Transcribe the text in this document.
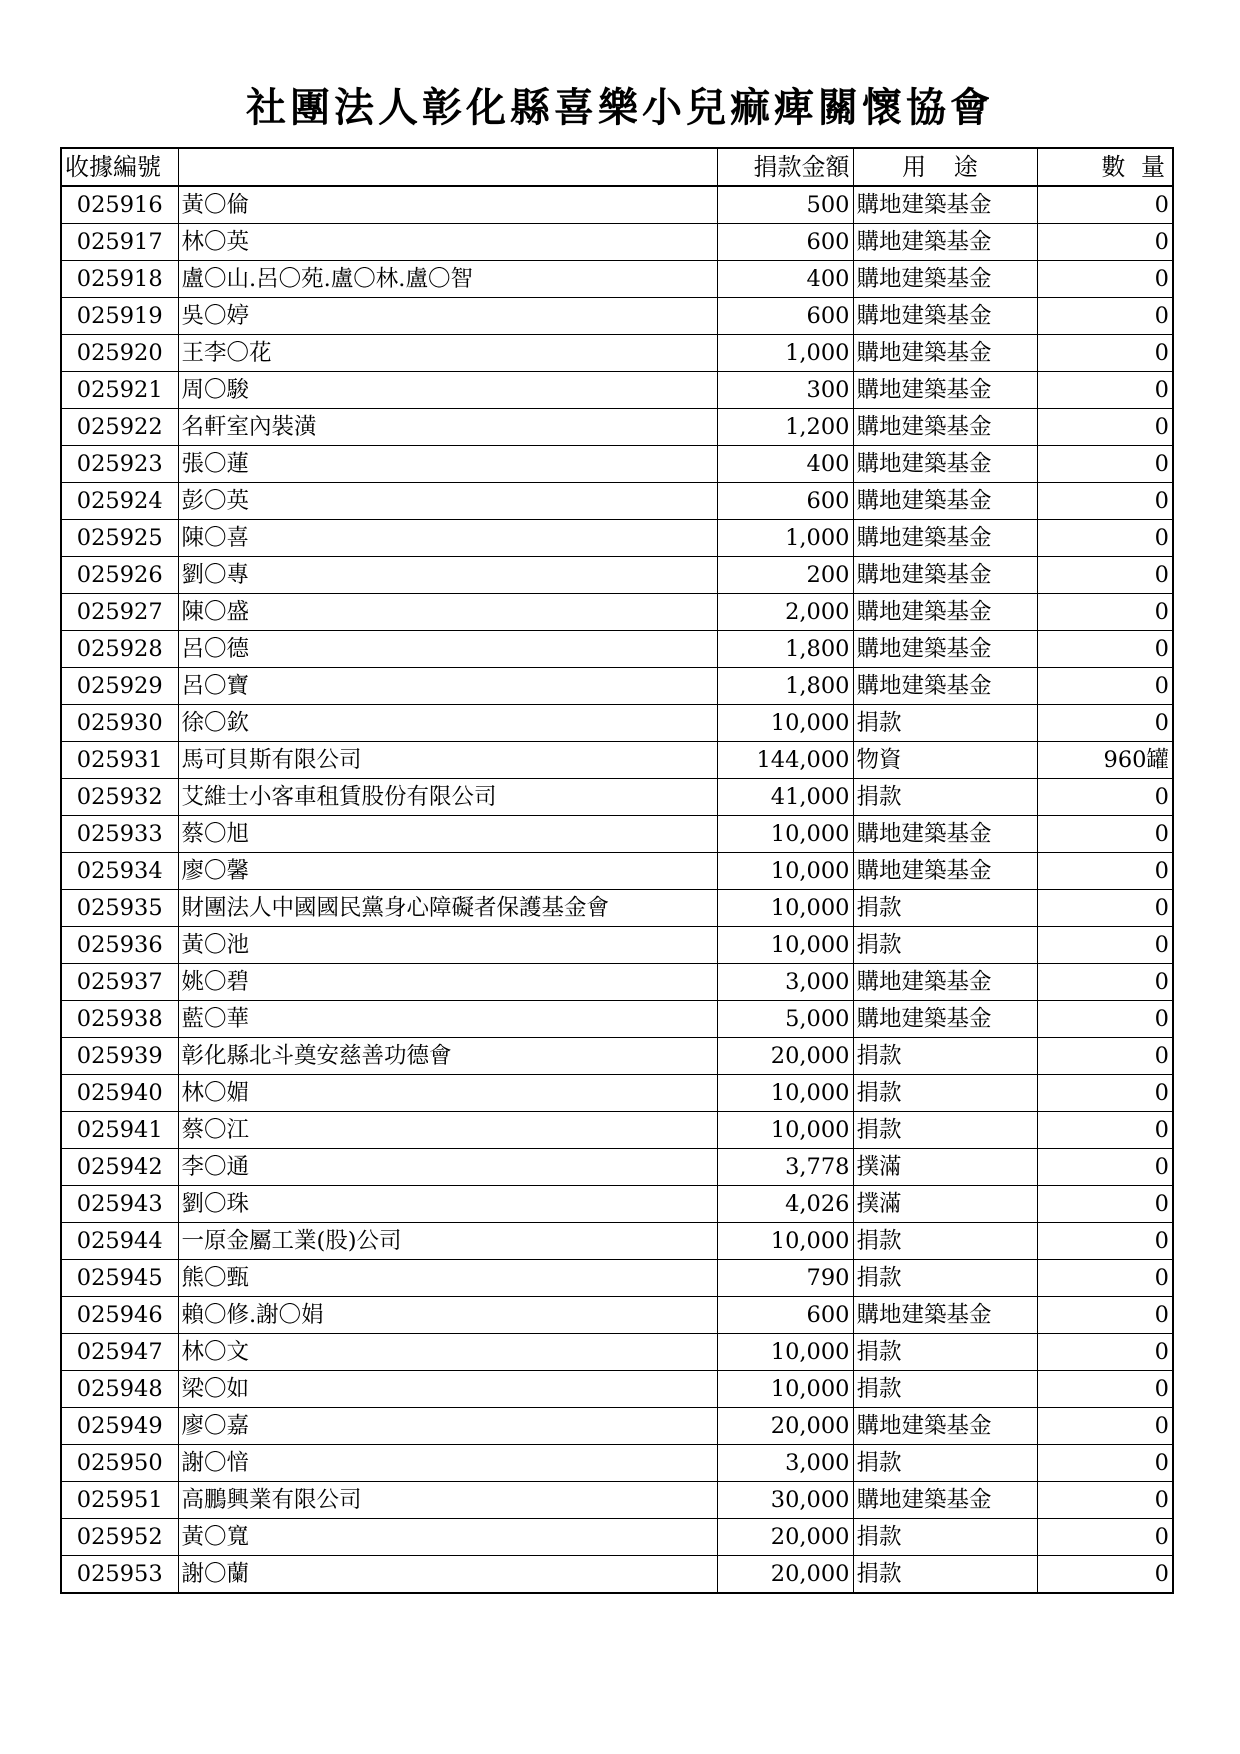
社團法人彰化縣喜樂小兒痲痺關懷協會
收據編號		捐款金額	用 途	數 量
025916	黃〇倫	500	購地建築基金	0
025917	林〇英	600	購地建築基金	0
025918	盧〇山.呂〇苑.盧〇林.盧〇智	400	購地建築基金	0
025919	吳〇婷	600	購地建築基金	0
025920	王李〇花	1,000	購地建築基金	0
025921	周〇駿	300	購地建築基金	0
025922	名軒室內裝潢	1,200	購地建築基金	0
025923	張〇蓮	400	購地建築基金	0
025924	彭〇英	600	購地建築基金	0
025925	陳〇喜	1,000	購地建築基金	0
025926	劉〇專	200	購地建築基金	0
025927	陳〇盛	2,000	購地建築基金	0
025928	呂〇德	1,800	購地建築基金	0
025929	呂〇寶	1,800	購地建築基金	0
025930	徐〇欽	10,000	捐款	0
025931	馬可貝斯有限公司	144,000	物資	960罐
025932	艾維士小客車租賃股份有限公司	41,000	捐款	0
025933	蔡〇旭	10,000	購地建築基金	0
025934	廖〇馨	10,000	購地建築基金	0
025935	財團法人中國國民黨身心障礙者保護基金會	10,000	捐款	0
025936	黃〇池	10,000	捐款	0
025937	姚〇碧	3,000	購地建築基金	0
025938	藍〇華	5,000	購地建築基金	0
025939	彰化縣北斗奠安慈善功德會	20,000	捐款	0
025940	林〇媚	10,000	捐款	0
025941	蔡〇江	10,000	捐款	0
025942	李〇通	3,778	撲滿	0
025943	劉〇珠	4,026	撲滿	0
025944	一原金屬工業(股)公司	10,000	捐款	0
025945	熊〇甄	790	捐款	0
025946	賴〇修.謝〇娟	600	購地建築基金	0
025947	林〇文	10,000	捐款	0
025948	梁〇如	10,000	捐款	0
025949	廖〇嘉	20,000	購地建築基金	0
025950	謝〇愔	3,000	捐款	0
025951	高鵬興業有限公司	30,000	購地建築基金	0
025952	黃〇寬	20,000	捐款	0
025953	謝〇蘭	20,000	捐款	0
